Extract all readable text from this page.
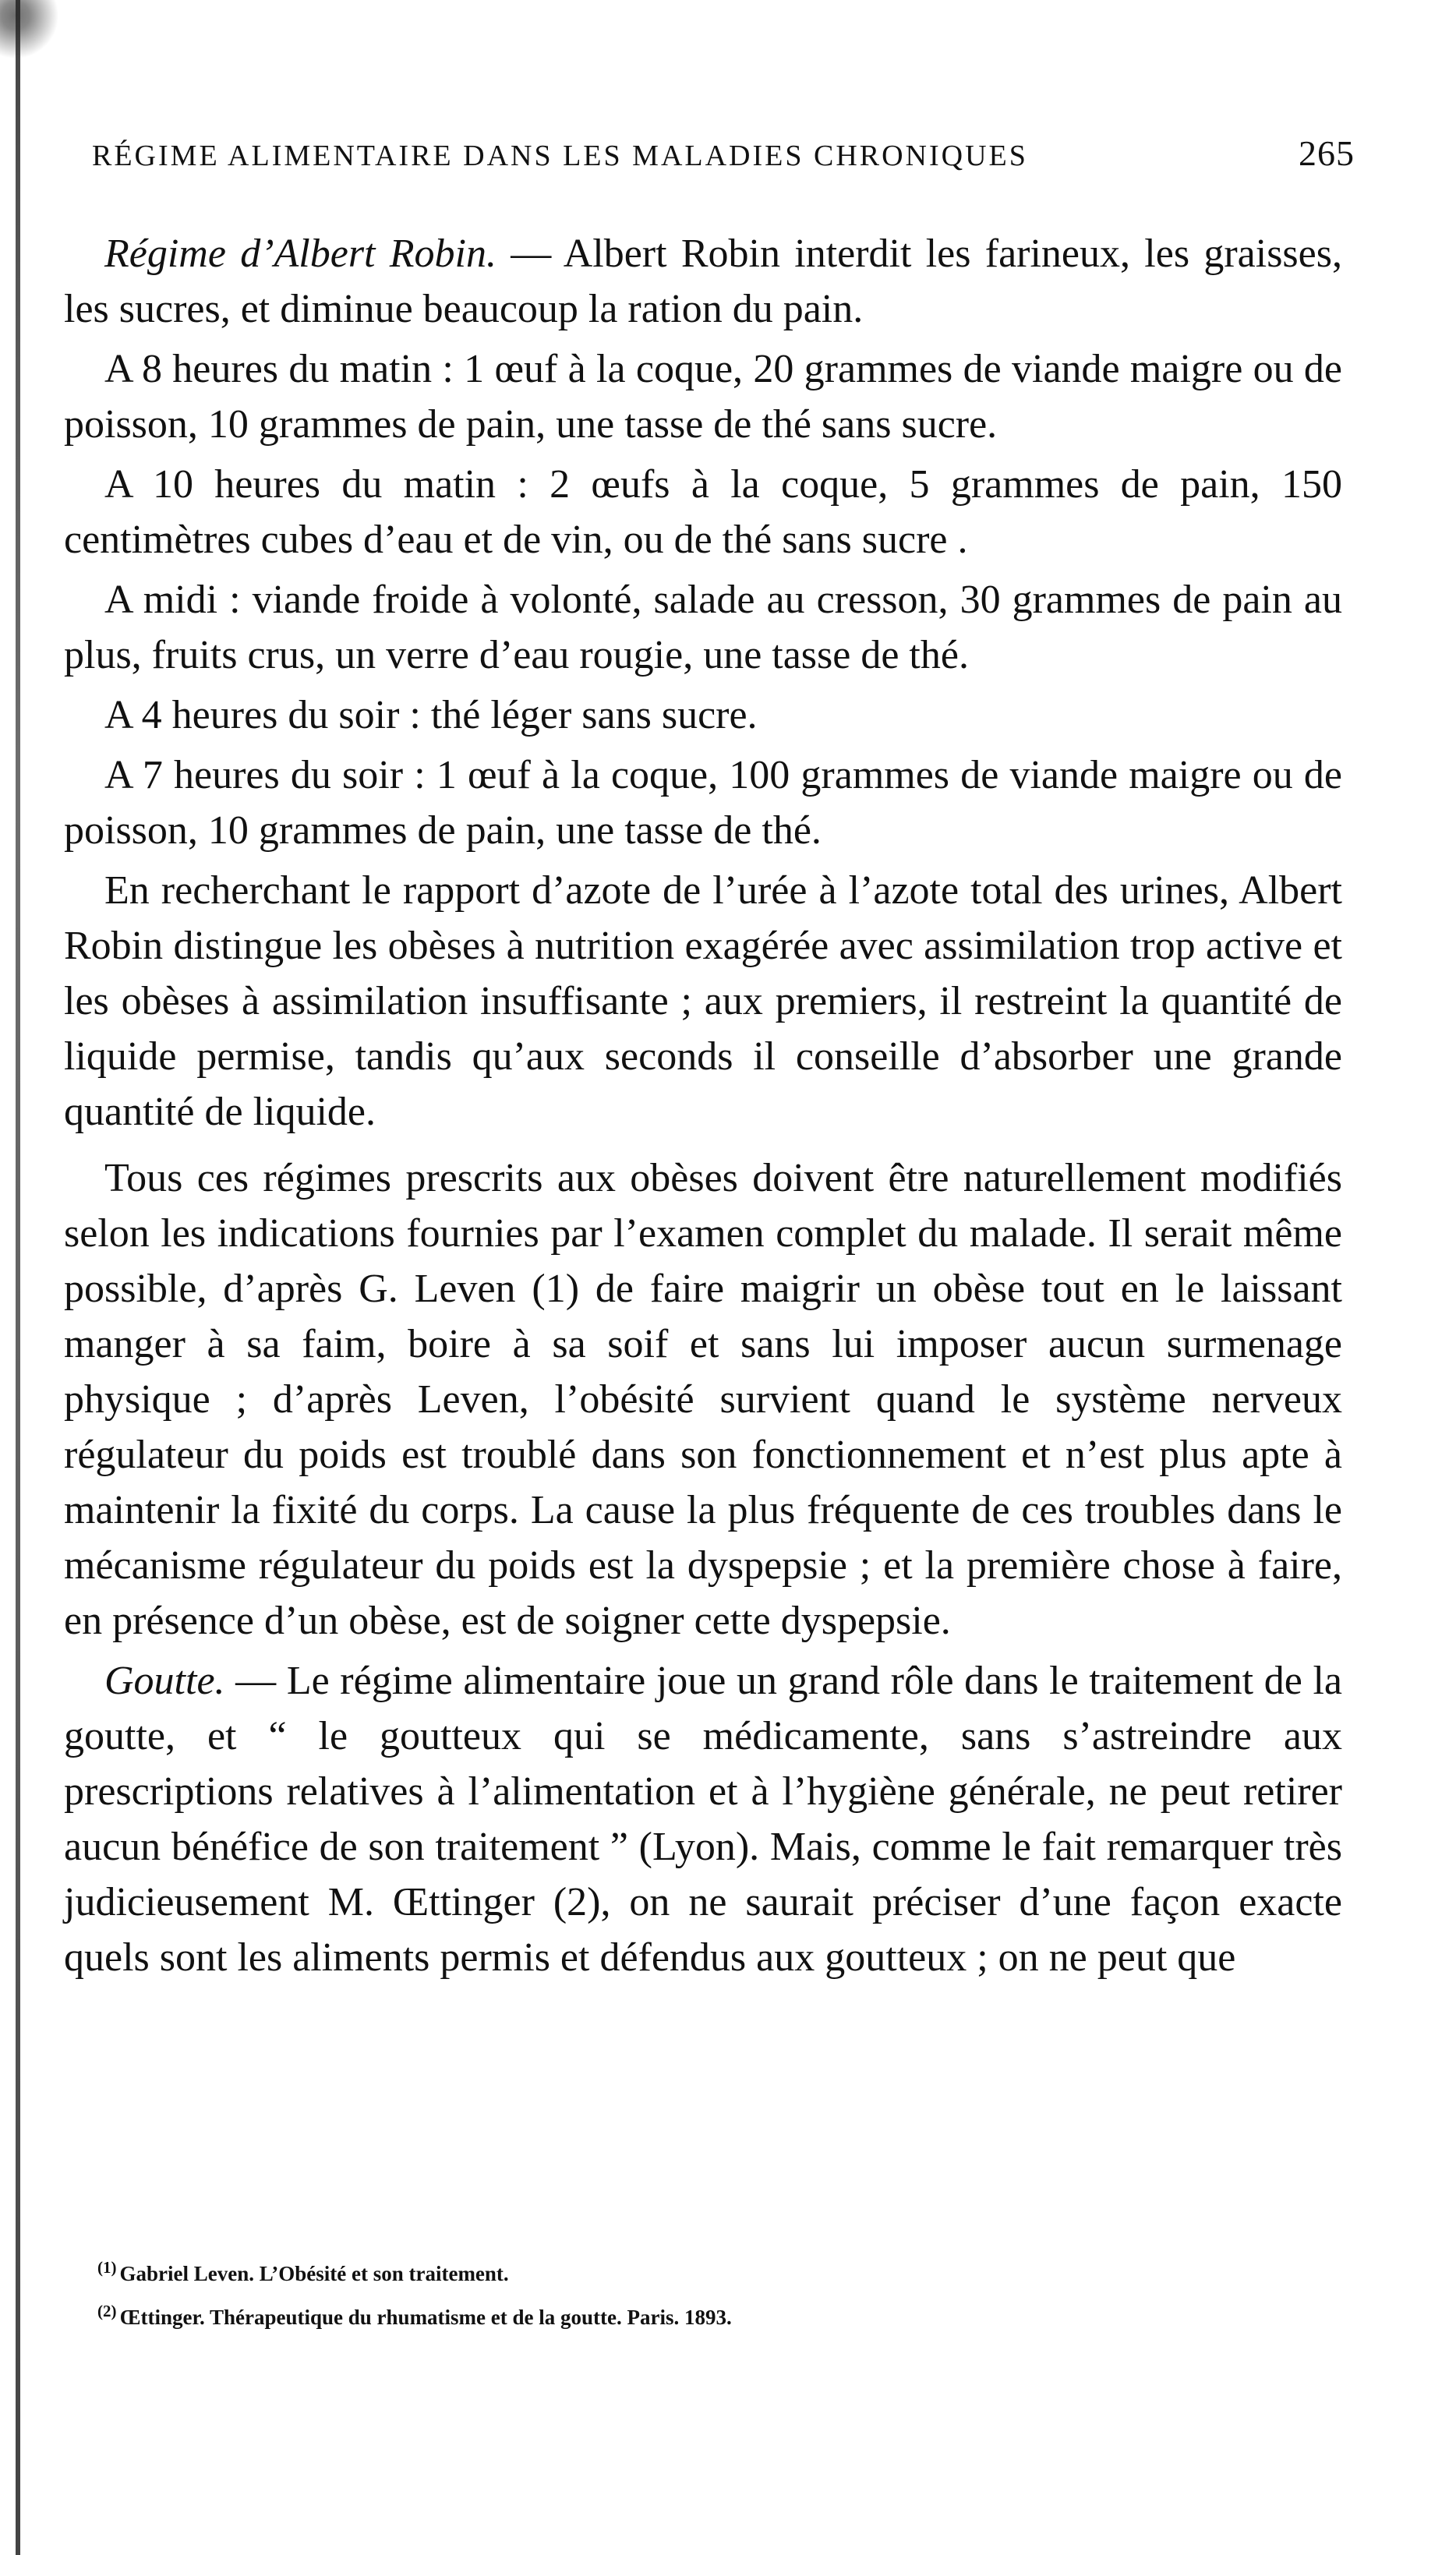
RÉGIME ALIMENTAIRE DANS LES MALADIES CHRONIQUES	265

Régime d’Albert Robin. — Albert Robin interdit les farineux, les graisses, les sucres, et diminue beaucoup la ration du pain.

A 8 heures du matin : 1 œuf à la coque, 20 grammes de viande maigre ou de poisson, 10 grammes de pain, une tasse de thé sans sucre.

A 10 heures du matin : 2 œufs à la coque, 5 grammes de pain, 150 centimètres cubes d’eau et de vin, ou de thé sans sucre .

A midi : viande froide à volonté, salade au cresson, 30 grammes de pain au plus, fruits crus, un verre d’eau rougie, une tasse de thé.

A 4 heures du soir : thé léger sans sucre.

A 7 heures du soir : 1 œuf à la coque, 100 grammes de viande maigre ou de poisson, 10 grammes de pain, une tasse de thé.

En recherchant le rapport d’azote de l’urée à l’azote total des urines, Albert Robin distingue les obèses à nutrition exagérée avec assimilation trop active et les obèses à assimilation insuffisante ; aux premiers, il restreint la quantité de liquide permise, tandis qu’aux seconds il conseille d’absorber une grande quantité de liquide.

Tous ces régimes prescrits aux obèses doivent être naturellement modifiés selon les indications fournies par l’examen complet du malade. Il serait même possible, d’après G. Leven (1) de faire maigrir un obèse tout en le laissant manger à sa faim, boire à sa soif et sans lui imposer aucun surmenage physique ; d’après Leven, l’obésité survient quand le système nerveux régulateur du poids est troublé dans son fonctionnement et n’est plus apte à maintenir la fixité du corps. La cause la plus fréquente de ces troubles dans le mécanisme régulateur du poids est la dyspepsie ; et la première chose à faire, en présence d’un obèse, est de soigner cette dyspepsie.

Goutte. — Le régime alimentaire joue un grand rôle dans le traitement de la goutte, et “ le goutteux qui se médicamente, sans s’astreindre aux prescriptions relatives à l’alimentation et à l’hygiène générale, ne peut retirer aucun bénéfice de son traitement ” (Lyon). Mais, comme le fait remarquer très judicieusement M. Œttinger (2), on ne saurait préciser d’une façon exacte quels sont les aliments permis et défendus aux goutteux ; on ne peut que

$^{(1)}$ Gabriel Leven. L’Obésité et son traitement.
$^{(2)}$ Œttinger. Thérapeutique du rhumatisme et de la goutte. Paris. 1893.
